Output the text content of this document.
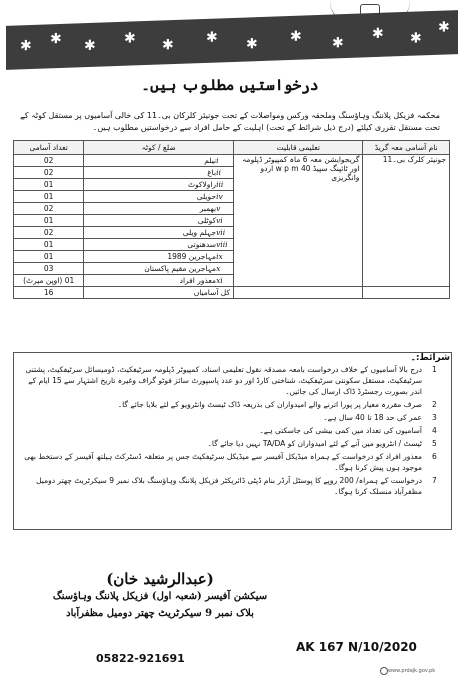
✱ ✱ ✱ ✱ ✱ ✱ ✱ ✱ ✱
✱ ✱
✱
درخواستیں مطلوب ہیں۔
محکمہ فزیکل پلاننگ وہاؤسنگ وملحقہ ورکس ومواصلات کے تحت جونیئر کلرکان بی۔11 کی خالی آسامیوں پر مستقل کوٹہ کے تحت مستقل تقرری کیلئے (درج ذیل شرائط کے تحت) اہلیت کے حامل افراد سے درخواستیں مطلوب ہیں۔
نام آسامی معہ گریڈ	تعلیمی قابلیت	ضلع / کوٹہ	تعداد آسامی
جونیئر کلرک بی۔11	گریجوایشن معہ 6 ماہ کمپیوٹر ڈپلومہ اور ٹائپنگ سپیڈ 40 w p m اردو وانگریزی	iنیلم	02
		iiباغ	02
		iiiراولاکوٹ	01
		ivحویلی	01
		vبھمبر	02
		viکوٹلی	01
		viiجہلم ویلی	02
		viiiسدھنوتی	01
		ixمہاجرین 1989	01
		xمہاجرین مقیم پاکستان	03
		xiمعذور افراد	01 (اوپن میرٹ)
		کل آسامیاں	16
شرائط:۔
1
درج بالا آسامیوں کے خلاف درخواست بامعہ مصدقہ نقول تعلیمی اسناد، کمپیوٹر ڈپلومہ سرٹیفکیٹ، ڈومیسائل سرٹیفکیٹ، پشتنی سرٹیفکیٹ، مستقل سکونتی سرٹیفکیٹ، شناختی کارڈ اور دو عدد پاسپورٹ سائز فوٹو گراف وغیرہ تاریخ اشتہار سے 15 ایام کے اندر بصورت رجسٹرڈ ڈاک ارسال کی جائیں۔
2
صرف مقررہ معیار پر پورا اترنے والے امیدواران کی بذریعہ ڈاک ٹیسٹ وانٹرویو کے لئے بلایا جائے گا۔
3
عمر کی حد 18 تا 40 سال ہے۔
4
آسامیوں کی تعداد میں کمی بیشی کی جاسکتی ہے۔
5
ٹیسٹ / انٹرویو میں آنے کے لئے امیدواران کو TA/DA نہیں دیا جائے گا۔
6
معذور افراد کو درخواست کے ہمراہ میڈیکل آفیسر سے میڈیکل سرٹیفکیٹ جس پر متعلقہ ڈسٹرکٹ ہیلتھ آفیسر کے دستخط بھی موجود ہوں پیش کرنا ہوگا۔
7
درخواست کے ہمراہ/ 200 روپے کا پوسٹل آرڈر بنام ڈپٹی ڈائریکٹر فزیکل پلاننگ وہاؤسنگ بلاک نمبر 9 سیکرٹریٹ چھتر دومیل مظفرآباد منسلک کرنا ہوگا۔
(عبدالرشید خان)
سیکشن آفیسر (شعبہ اول) فزیکل پلاننگ وہاؤسنگ
بلاک نمبر 9 سیکرٹریٹ چھتر دومیل مظفرآباد
05822-921691
AK 167 N/10/2020
www.prdajk.gov.pk
